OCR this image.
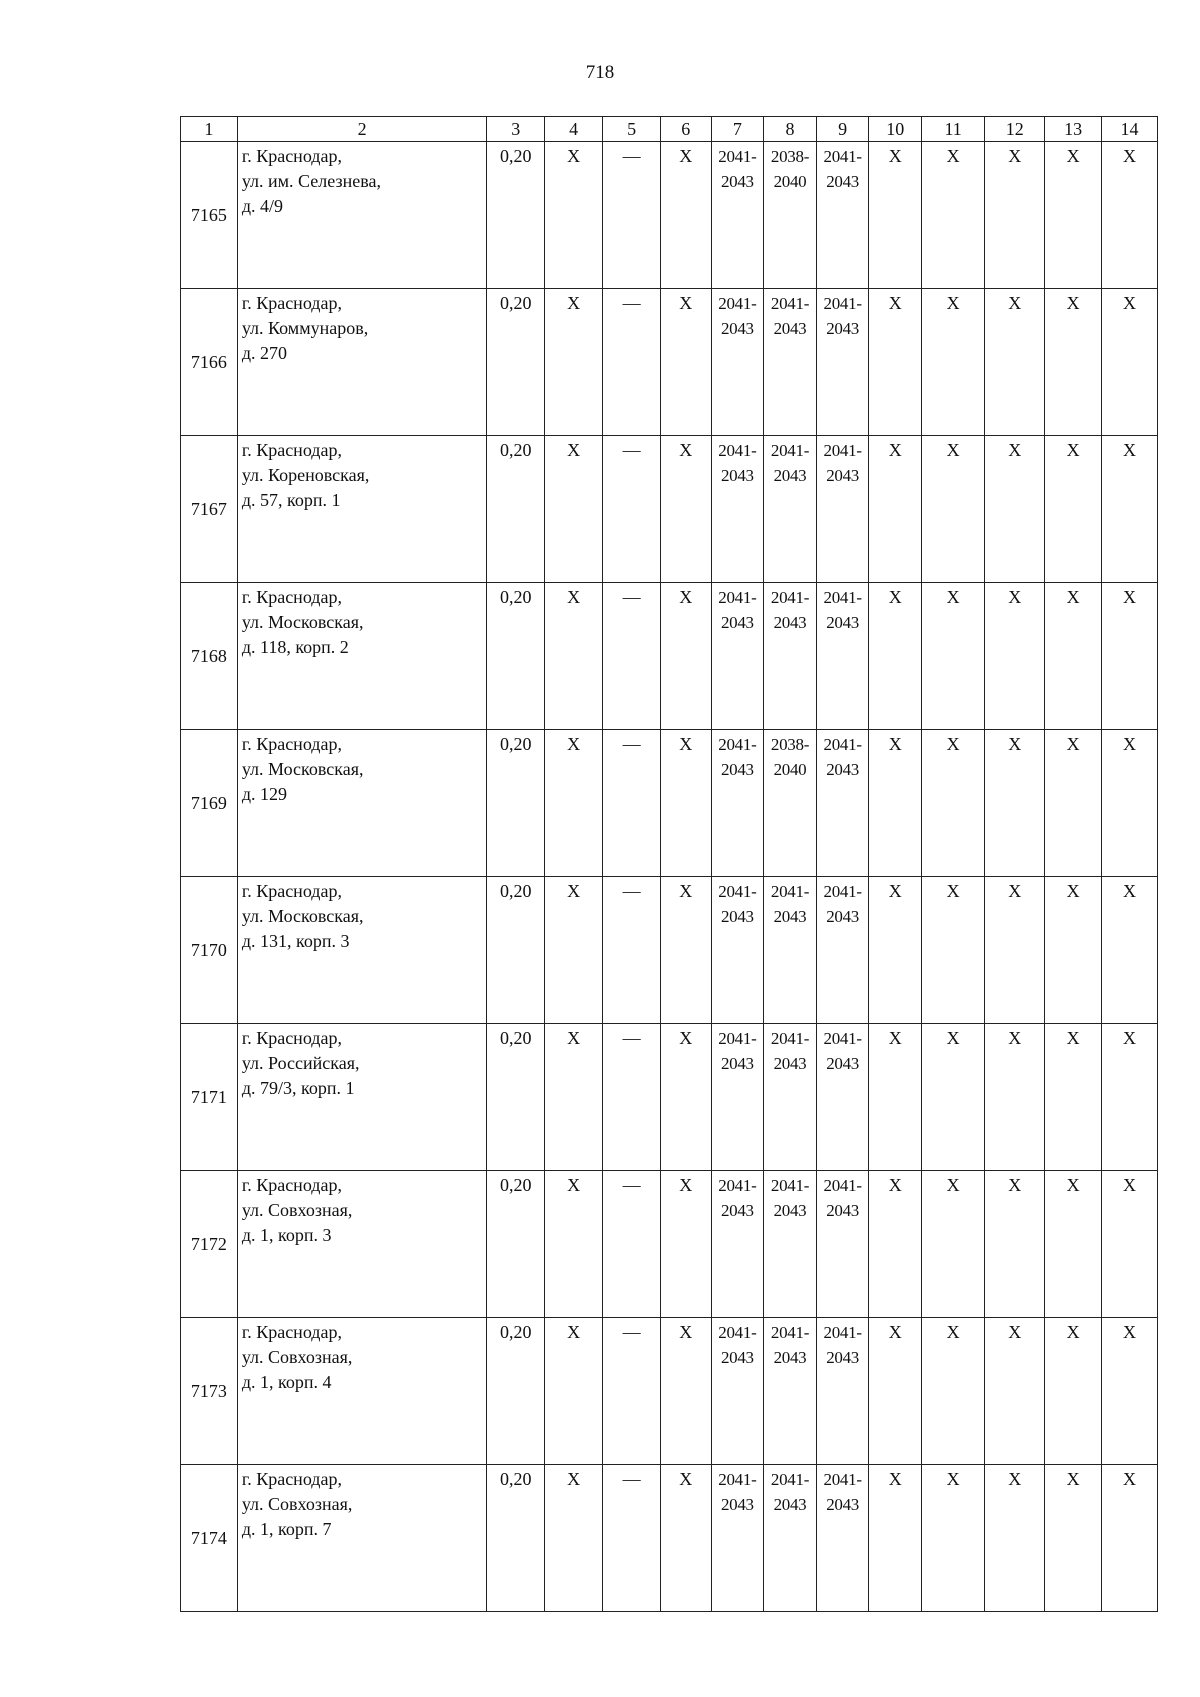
718
1	2	3	4	5	6	7	8	9	10	11	12	13	14
7165	г. Краснодар,
ул. им. Селезнева,
д. 4/9	0,20	X	—	X	2041-
2043	2038-
2040	2041-
2043	X	X	X	X	X
7166	г. Краснодар,
ул. Коммунаров,
д. 270	0,20	X	—	X	2041-
2043	2041-
2043	2041-
2043	X	X	X	X	X
7167	г. Краснодар,
ул. Кореновская,
д. 57, корп. 1	0,20	X	—	X	2041-
2043	2041-
2043	2041-
2043	X	X	X	X	X
7168	г. Краснодар,
ул. Московская,
д. 118, корп. 2	0,20	X	—	X	2041-
2043	2041-
2043	2041-
2043	X	X	X	X	X
7169	г. Краснодар,
ул. Московская,
д. 129	0,20	X	—	X	2041-
2043	2038-
2040	2041-
2043	X	X	X	X	X
7170	г. Краснодар,
ул. Московская,
д. 131, корп. 3	0,20	X	—	X	2041-
2043	2041-
2043	2041-
2043	X	X	X	X	X
7171	г. Краснодар,
ул. Российская,
д. 79/3, корп. 1	0,20	X	—	X	2041-
2043	2041-
2043	2041-
2043	X	X	X	X	X
7172	г. Краснодар,
ул. Совхозная,
д. 1, корп. 3	0,20	X	—	X	2041-
2043	2041-
2043	2041-
2043	X	X	X	X	X
7173	г. Краснодар,
ул. Совхозная,
д. 1, корп. 4	0,20	X	—	X	2041-
2043	2041-
2043	2041-
2043	X	X	X	X	X
7174	г. Краснодар,
ул. Совхозная,
д. 1, корп. 7	0,20	X	—	X	2041-
2043	2041-
2043	2041-
2043	X	X	X	X	X
